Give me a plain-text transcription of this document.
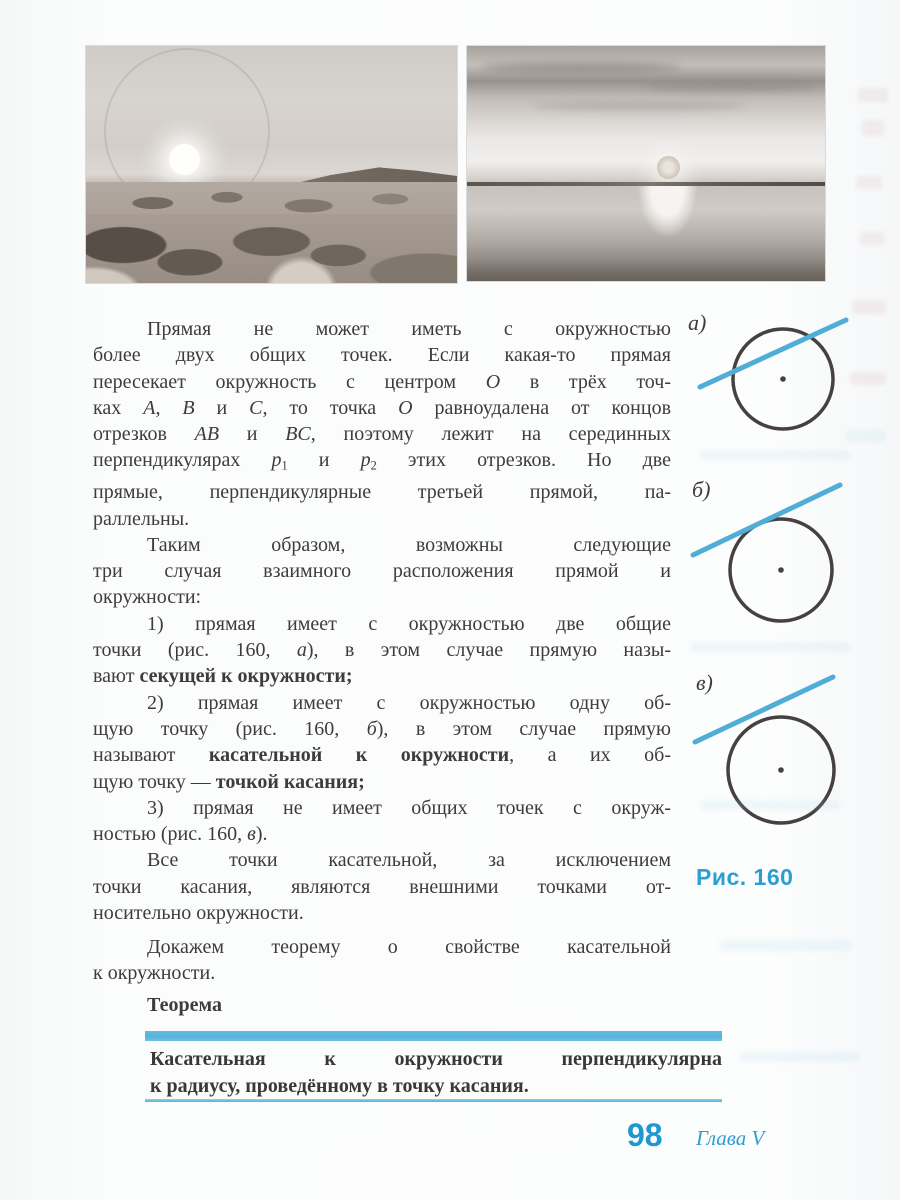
Прямая не может иметь с окружностью
более двух общих точек. Если какая-то прямая
пересекает окружность с центром O в трёх точ-
ках A, B и C, то точка O равноудалена от концов
отрезков AB и BC, поэтому лежит на серединных
перпендикулярах $p_1$ и $p_2$ этих отрезков. Но две
прямые, перпендикулярные третьей прямой, па-
раллельны.
Таким образом, возможны следующие
три случая взаимного расположения прямой и
окружности:
1) прямая имеет с окружностью две общие
точки (рис. 160, а), в этом случае прямую назы-
вают секущей к окружности;
2) прямая имеет с окружностью одну об-
щую точку (рис. 160, б), в этом случае прямую
называют касательной к окружности, а их об-
щую точку — точкой касания;
3) прямая не имеет общих точек с окруж-
ностью (рис. 160, в).
Все точки касательной, за исключением
точки касания, являются внешними точками от-
носительно окружности.
Докажем теорему о свойстве касательной
к окружности.
Теорема
Касательная к окружности перпендикулярна
к радиусу, проведённому в точку касания.
а)
б)
в)
Рис. 160
98 Глава V
